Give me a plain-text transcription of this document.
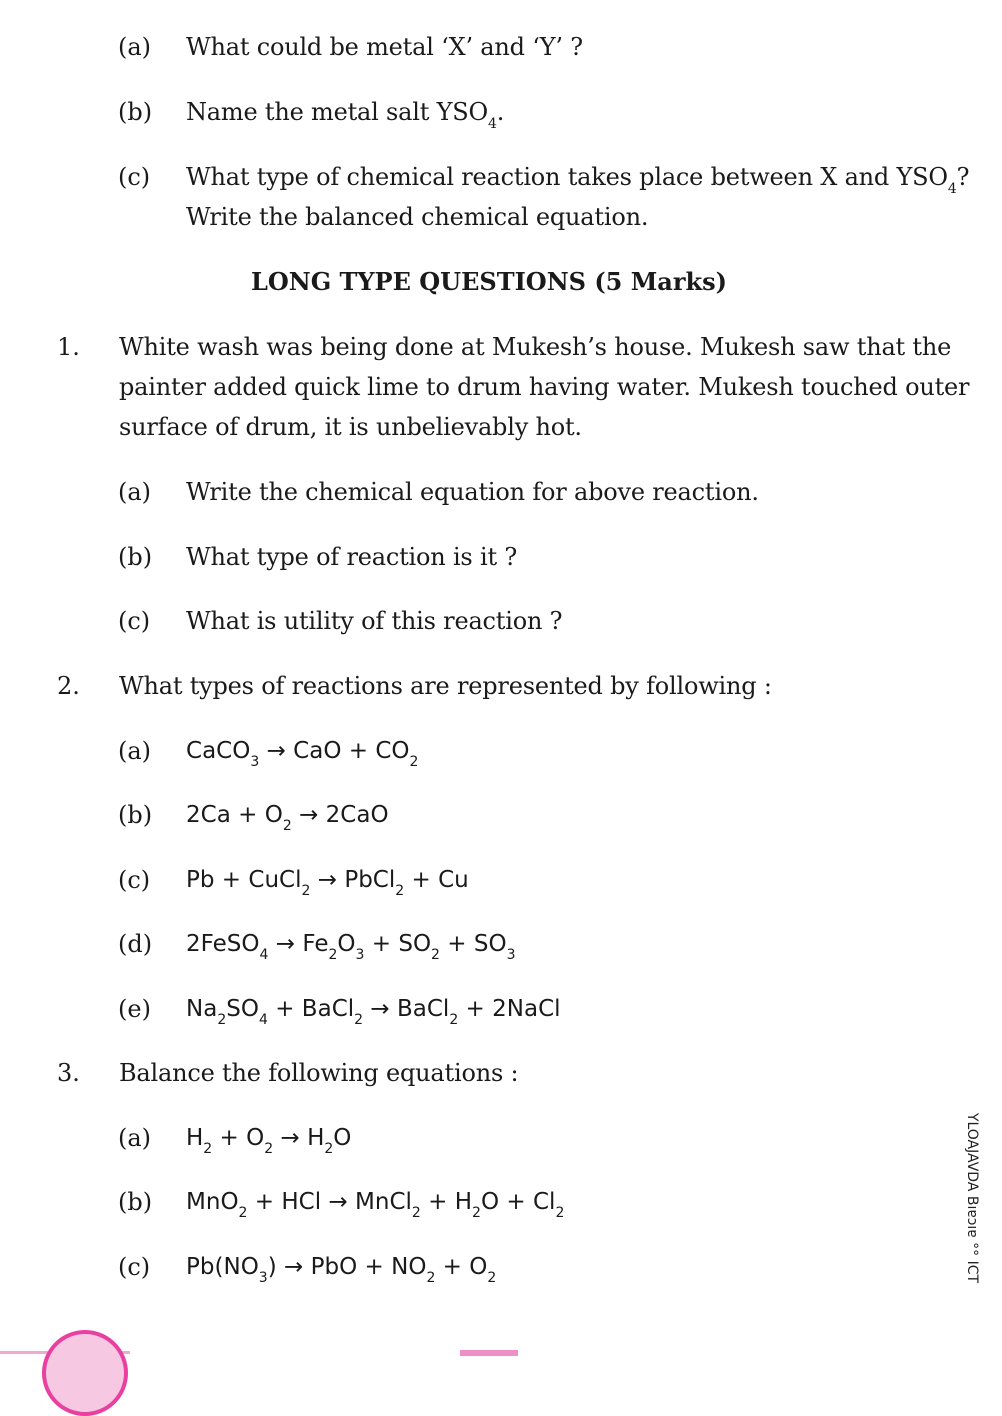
(a) What could be metal ‘X’ and ‘Y’ ?
(b) Name the metal salt $YSO_4$.
(c) What type of chemical reaction takes place between X and $YSO_4$?
Write the balanced chemical equation.
LONG TYPE QUESTIONS (5 Marks)
1. White wash was being done at Mukesh’s house. Mukesh saw that the
painter added quick lime to drum having water. Mukesh touched outer
surface of drum, it is unbelievably hot.
(a) Write the chemical equation for above reaction.
(b) What type of reaction is it ?
(c) What is utility of this reaction ?
2. What types of reactions are represented by following :
(a) CaCO$_3$ → CaO + $CO_2$
(b) $2Ca + O_2 \to 2CaO$
(c) Pb + CuCl$_2$ → PbCl$_2$ + Cu
(d) 2FeSO$_4$ → $Fe_2O_3 + SO_2 + SO_3$
(e) $Na_2SO_4$ + BaCl$_2$ → BaCl$_2$ + 2NaCl
3. Balance the following equations :
(a) $H_2 + O_2 \to H_2O$
(b) MnO$_2$ + HCl → MnCl$_2$ + $H_2O + Cl_2$
(c) $Pb(NO_3)$ → PbO + $NO_2 + O_2$	YLOAJAVDA Bıɐɔıɐ °° ICT
